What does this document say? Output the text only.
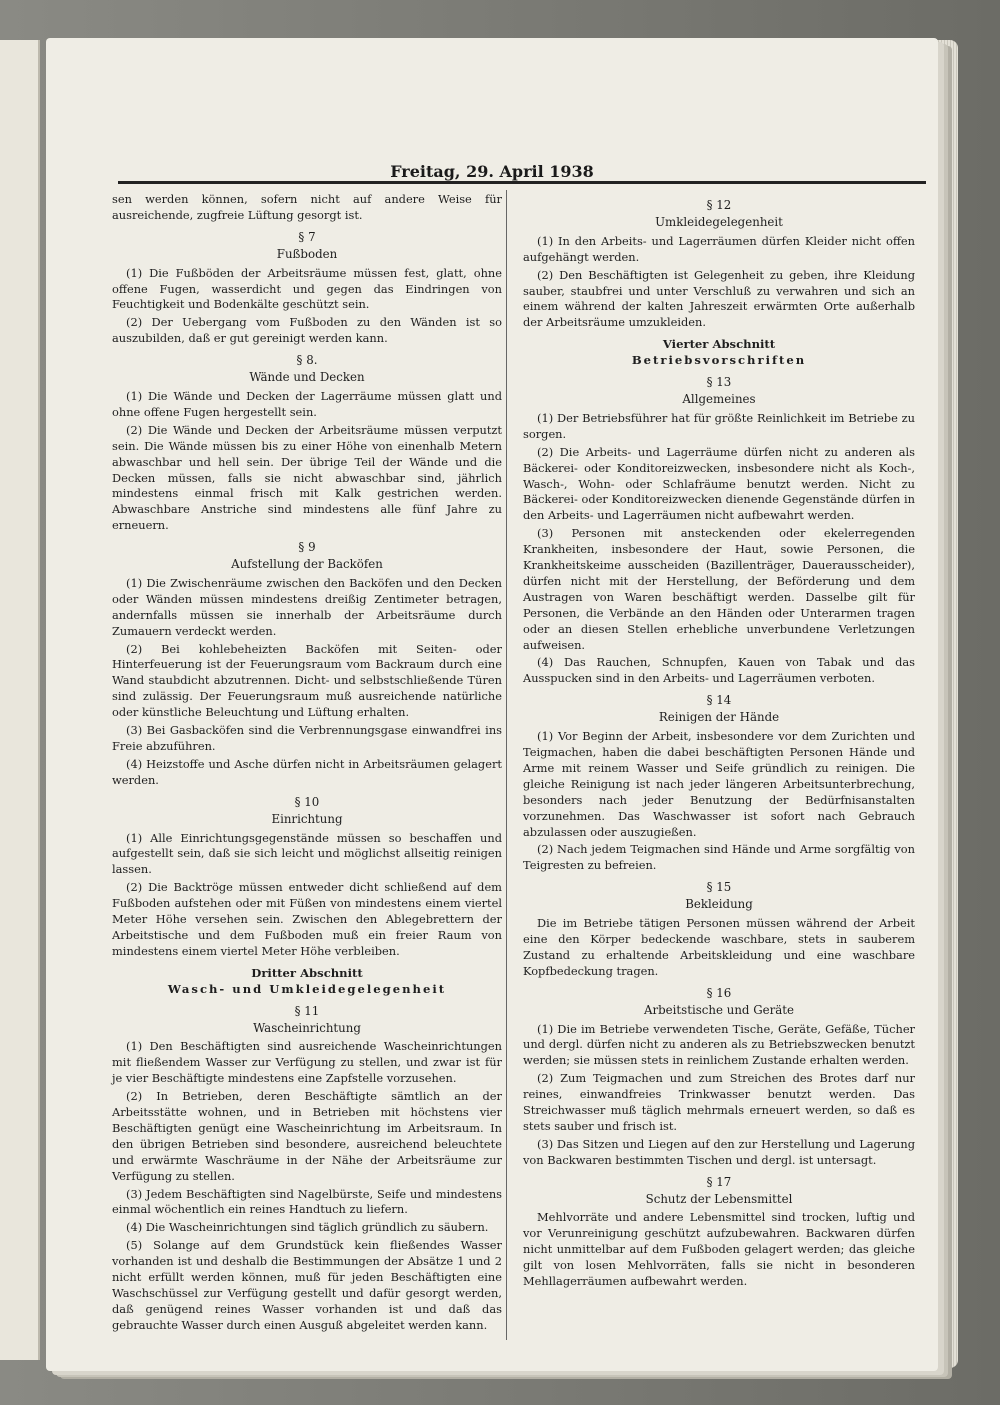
Freitag, 29. April 1938

sen werden können, sofern nicht auf andere Weise für ausreichende, zugfreie Lüftung gesorgt ist.

§ 7

Fußboden

(1) Die Fußböden der Arbeitsräume müssen fest, glatt, ohne offene Fugen, wasserdicht und gegen das Eindringen von Feuchtigkeit und Bodenkälte geschützt sein.

(2) Der Uebergang vom Fußboden zu den Wänden ist so auszubilden, daß er gut gereinigt werden kann.

§ 8.

Wände und Decken

(1) Die Wände und Decken der Lagerräume müssen glatt und ohne offene Fugen hergestellt sein.

(2) Die Wände und Decken der Arbeitsräume müssen verputzt sein. Die Wände müssen bis zu einer Höhe von einenhalb Metern abwaschbar und hell sein. Der übrige Teil der Wände und die Decken müssen, falls sie nicht abwaschbar sind, jährlich mindestens einmal frisch mit Kalk gestrichen werden. Abwaschbare Anstriche sind mindestens alle fünf Jahre zu erneuern.

§ 9

Aufstellung der Backöfen

(1) Die Zwischenräume zwischen den Backöfen und den Decken oder Wänden müssen mindestens dreißig Zentimeter betragen, andernfalls müssen sie innerhalb der Arbeitsräume durch Zumauern verdeckt werden.

(2) Bei kohlebeheizten Backöfen mit Seiten- oder Hinterfeuerung ist der Feuerungsraum vom Backraum durch eine Wand staubdicht abzutrennen. Dicht- und selbstschließende Türen sind zulässig. Der Feuerungsraum muß ausreichende natürliche oder künstliche Beleuchtung und Lüftung erhalten.

(3) Bei Gasbacköfen sind die Verbrennungsgase einwandfrei ins Freie abzuführen.

(4) Heizstoffe und Asche dürfen nicht in Arbeitsräumen gelagert werden.

§ 10

Einrichtung

(1) Alle Einrichtungsgegenstände müssen so beschaffen und aufgestellt sein, daß sie sich leicht und möglichst allseitig reinigen lassen.

(2) Die Backtröge müssen entweder dicht schließend auf dem Fußboden aufstehen oder mit Füßen von mindestens einem viertel Meter Höhe versehen sein. Zwischen den Ablegebrettern der Arbeitstische und dem Fußboden muß ein freier Raum von mindestens einem viertel Meter Höhe verbleiben.

Dritter Abschnitt

Wasch- und Umkleidegelegenheit

§ 11

Wascheinrichtung

(1) Den Beschäftigten sind ausreichende Wascheinrichtungen mit fließendem Wasser zur Verfügung zu stellen, und zwar ist für je vier Beschäftigte mindestens eine Zapfstelle vorzusehen.

(2) In Betrieben, deren Beschäftigte sämtlich an der Arbeitsstätte wohnen, und in Betrieben mit höchstens vier Beschäftigten genügt eine Wascheinrichtung im Arbeitsraum. In den übrigen Betrieben sind besondere, ausreichend beleuchtete und erwärmte Waschräume in der Nähe der Arbeitsräume zur Verfügung zu stellen.

(3) Jedem Beschäftigten sind Nagelbürste, Seife und mindestens einmal wöchentlich ein reines Handtuch zu liefern.

(4) Die Wascheinrichtungen sind täglich gründlich zu säubern.

(5) Solange auf dem Grundstück kein fließendes Wasser vorhanden ist und deshalb die Bestimmungen der Absätze 1 und 2 nicht erfüllt werden können, muß für jeden Beschäftigten eine Waschschüssel zur Verfügung gestellt und dafür gesorgt werden, daß genügend reines Wasser vorhanden ist und daß das gebrauchte Wasser durch einen Ausguß abgeleitet werden kann.

§ 12

Umkleidegelegenheit

(1) In den Arbeits- und Lagerräumen dürfen Kleider nicht offen aufgehängt werden.

(2) Den Beschäftigten ist Gelegenheit zu geben, ihre Kleidung sauber, staubfrei und unter Verschluß zu verwahren und sich an einem während der kalten Jahreszeit erwärmten Orte außerhalb der Arbeitsräume umzukleiden.

Vierter Abschnitt

Betriebsvorschriften

§ 13

Allgemeines

(1) Der Betriebsführer hat für größte Reinlichkeit im Betriebe zu sorgen.

(2) Die Arbeits- und Lagerräume dürfen nicht zu anderen als Bäckerei- oder Konditoreizwecken, insbesondere nicht als Koch-, Wasch-, Wohn- oder Schlafräume benutzt werden. Nicht zu Bäckerei- oder Konditoreizwecken dienende Gegenstände dürfen in den Arbeits- und Lagerräumen nicht aufbewahrt werden.

(3) Personen mit ansteckenden oder ekelerregenden Krankheiten, insbesondere der Haut, sowie Personen, die Krankheitskeime ausscheiden (Bazillenträger, Dauerausscheider), dürfen nicht mit der Herstellung, der Beförderung und dem Austragen von Waren beschäftigt werden. Dasselbe gilt für Personen, die Verbände an den Händen oder Unterarmen tragen oder an diesen Stellen erhebliche unverbundene Verletzungen aufweisen.

(4) Das Rauchen, Schnupfen, Kauen von Tabak und das Ausspucken sind in den Arbeits- und Lagerräumen verboten.

§ 14

Reinigen der Hände

(1) Vor Beginn der Arbeit, insbesondere vor dem Zurichten und Teigmachen, haben die dabei beschäftigten Personen Hände und Arme mit reinem Wasser und Seife gründlich zu reinigen. Die gleiche Reinigung ist nach jeder längeren Arbeitsunterbrechung, besonders nach jeder Benutzung der Bedürfnisanstalten vorzunehmen. Das Waschwasser ist sofort nach Gebrauch abzulassen oder auszugießen.

(2) Nach jedem Teigmachen sind Hände und Arme sorgfältig von Teigresten zu befreien.

§ 15

Bekleidung

Die im Betriebe tätigen Personen müssen während der Arbeit eine den Körper bedeckende waschbare, stets in sauberem Zustand zu erhaltende Arbeitskleidung und eine waschbare Kopfbedeckung tragen.

§ 16

Arbeitstische und Geräte

(1) Die im Betriebe verwendeten Tische, Geräte, Gefäße, Tücher und dergl. dürfen nicht zu anderen als zu Betriebszwecken benutzt werden; sie müssen stets in reinlichem Zustande erhalten werden.

(2) Zum Teigmachen und zum Streichen des Brotes darf nur reines, einwandfreies Trinkwasser benutzt werden. Das Streichwasser muß täglich mehrmals erneuert werden, so daß es stets sauber und frisch ist.

(3) Das Sitzen und Liegen auf den zur Herstellung und Lagerung von Backwaren bestimmten Tischen und dergl. ist untersagt.

§ 17

Schutz der Lebensmittel

Mehlvorräte und andere Lebensmittel sind trocken, luftig und vor Verunreinigung geschützt aufzubewahren. Backwaren dürfen nicht unmittelbar auf dem Fußboden gelagert werden; das gleiche gilt von losen Mehlvorräten, falls sie nicht in besonderen Mehllagerräumen aufbewahrt werden.
